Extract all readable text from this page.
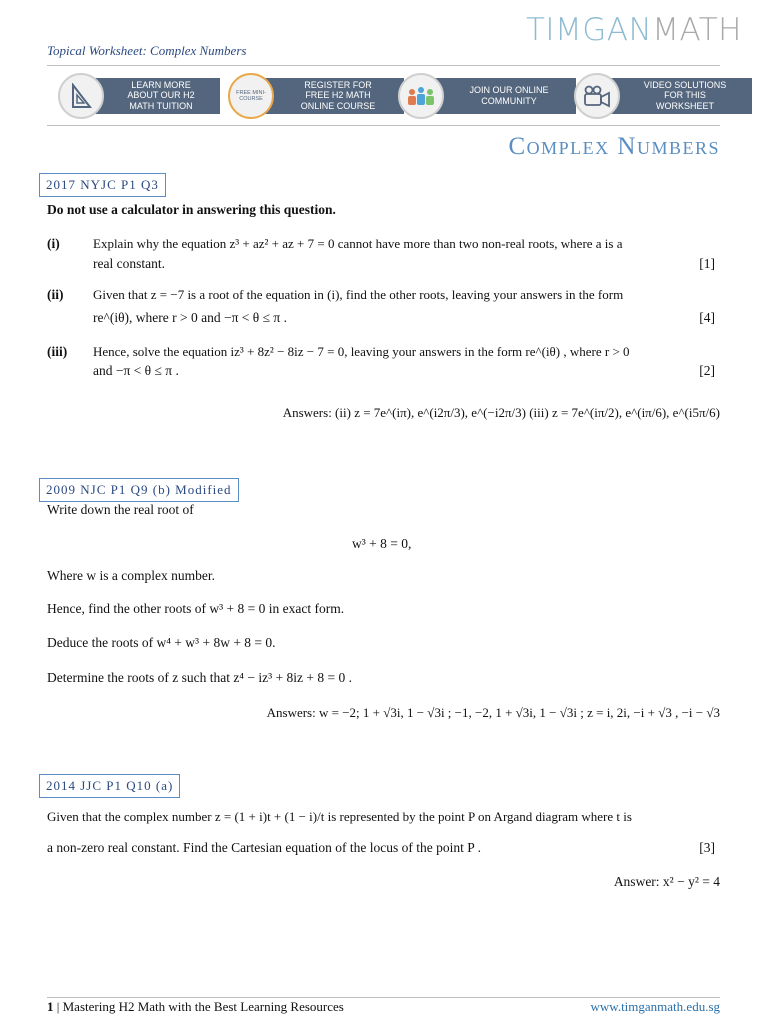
Topical Worksheet: Complex Numbers
TIMGANMATH
LEARN MORE
ABOUT OUR H2
MATH TUITION
FREE MINI-COURSE
REGISTER FOR
FREE H2 MATH
ONLINE COURSE
JOIN OUR ONLINE
COMMUNITY
VIDEO SOLUTIONS
FOR THIS
WORKSHEET
Complex Numbers
2017 NYJC P1 Q3
Do not use a calculator in answering this question.
(i)	Explain why the equation z³ + az² + az + 7 = 0 cannot have more than two non-real roots, where a is a
real constant.	[1]
(ii) Given that z = −7 is a root of the equation in (i), find the other roots, leaving your answers in the form
re^(iθ), where r > 0 and −π < θ ≤ π .	[4]
(iii) Hence, solve the equation iz³ + 8z² − 8iz − 7 = 0, leaving your answers in the form re^(iθ) , where r > 0
and −π < θ ≤ π .	[2]
Answers: (ii) z = 7e^(iπ), e^(i2π/3), e^(−i2π/3) (iii) z = 7e^(iπ/2), e^(iπ/6), e^(i5π/6)
2009 NJC P1 Q9 (b) Modified
Write down the real root of
w³ + 8 = 0,
Where w is a complex number.
Hence, find the other roots of w³ + 8 = 0 in exact form.
Deduce the roots of w⁴ + w³ + 8w + 8 = 0.
Determine the roots of z such that z⁴ − iz³ + 8iz + 8 = 0 .
Answers: w = −2; 1 + √3i, 1 − √3i ; −1, −2, 1 + √3i, 1 − √3i ; z = i, 2i, −i + √3 , −i − √3
2014 JJC P1 Q10 (a)
Given that the complex number z = (1 + i)t + (1 − i)/t is represented by the point P on Argand diagram where t is
a non-zero real constant. Find the Cartesian equation of the locus of the point P .	[3]
Answer: x² − y² = 4
1 | Mastering H2 Math with the Best Learning Resources	www.timganmath.edu.sg
